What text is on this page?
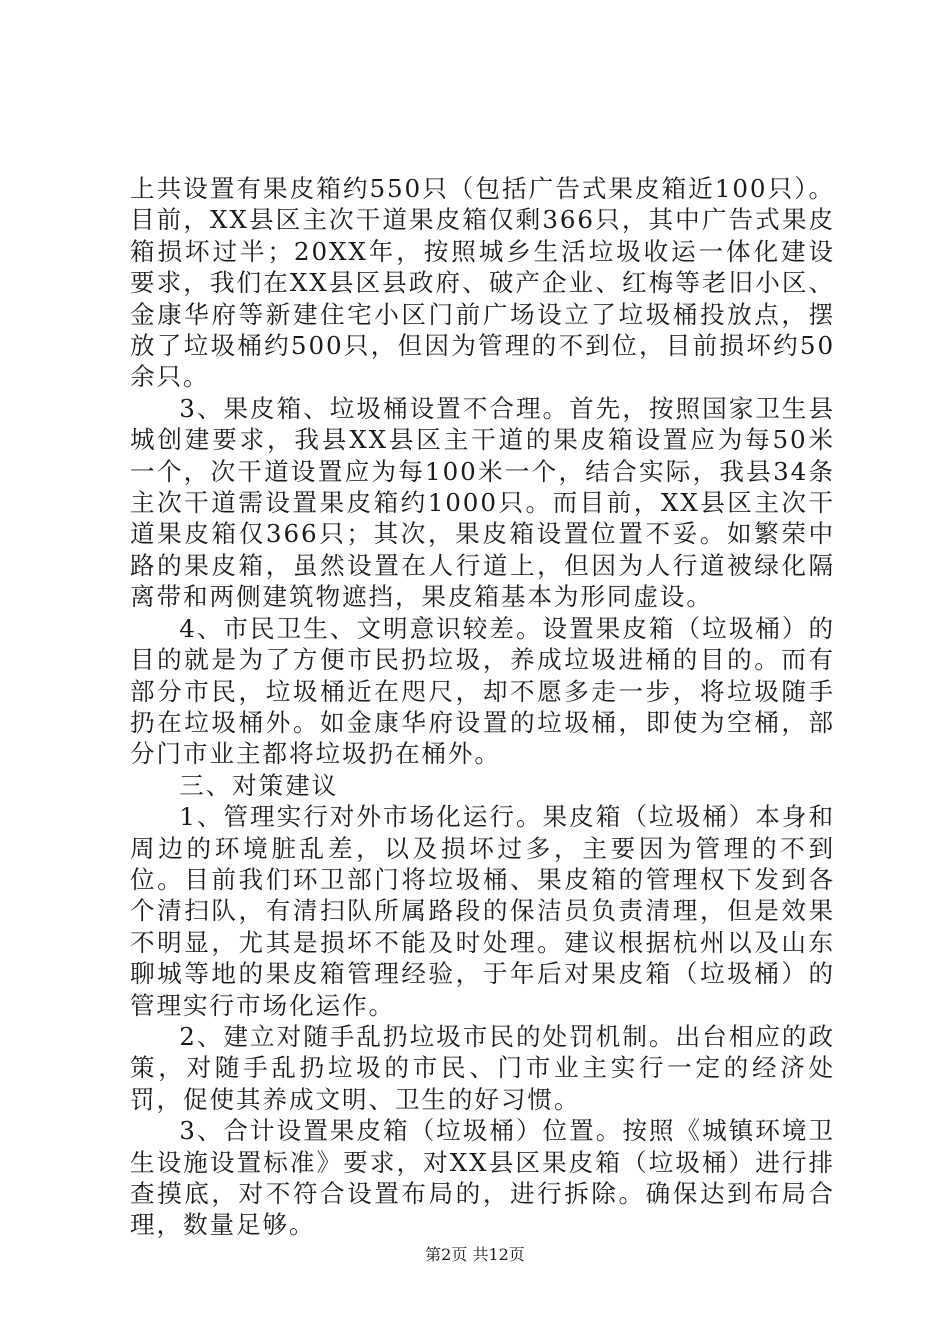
上共设置有果皮箱约550只（包括广告式果皮箱近100只）。目前，XX县区主次干道果皮箱仅剩366只，其中广告式果皮箱损坏过半；20XX年，按照城乡生活垃圾收运一体化建设要求，我们在XX县区县政府、破产企业、红梅等老旧小区、金康华府等新建住宅小区门前广场设立了垃圾桶投放点，摆放了垃圾桶约500只，但因为管理的不到位，目前损坏约50余只。

3、果皮箱、垃圾桶设置不合理。首先，按照国家卫生县城创建要求，我县XX县区主干道的果皮箱设置应为每50米一个，次干道设置应为每100米一个，结合实际，我县34条主次干道需设置果皮箱约1000只。而目前，XX县区主次干道果皮箱仅366只；其次，果皮箱设置位置不妥。如繁荣中路的果皮箱，虽然设置在人行道上，但因为人行道被绿化隔离带和两侧建筑物遮挡，果皮箱基本为形同虚设。

4、市民卫生、文明意识较差。设置果皮箱（垃圾桶）的目的就是为了方便市民扔垃圾，养成垃圾进桶的目的。而有部分市民，垃圾桶近在咫尺，却不愿多走一步，将垃圾随手扔在垃圾桶外。如金康华府设置的垃圾桶，即使为空桶，部分门市业主都将垃圾扔在桶外。

三、对策建议

1、管理实行对外市场化运行。果皮箱（垃圾桶）本身和周边的环境脏乱差，以及损坏过多，主要因为管理的不到位。目前我们环卫部门将垃圾桶、果皮箱的管理权下发到各个清扫队，有清扫队所属路段的保洁员负责清理，但是效果不明显，尤其是损坏不能及时处理。建议根据杭州以及山东聊城等地的果皮箱管理经验，于年后对果皮箱（垃圾桶）的管理实行市场化运作。

2、建立对随手乱扔垃圾市民的处罚机制。出台相应的政策，对随手乱扔垃圾的市民、门市业主实行一定的经济处罚，促使其养成文明、卫生的好习惯。

3、合计设置果皮箱（垃圾桶）位置。按照《城镇环境卫生设施设置标准》要求，对XX县区果皮箱（垃圾桶）进行排查摸底，对不符合设置布局的，进行拆除。确保达到布局合理，数量足够。

第2页 共12页
